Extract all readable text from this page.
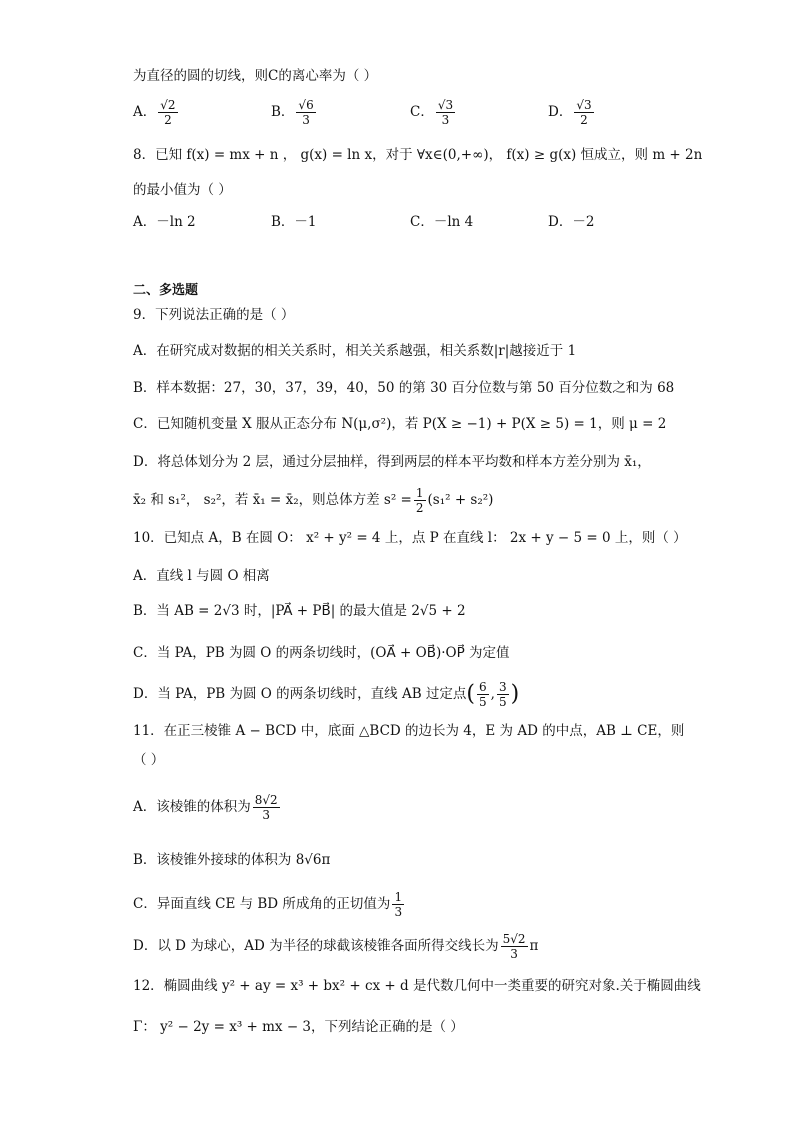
为直径的圆的切线，则C的离心率为（ ）
A． $\frac{√2}{2}$	B． $\frac{√6}{3}$	C． $\frac{√3}{3}$	D． $\frac{√3}{2}$
8．已知 f(x) = mx + n ， g(x) = ln x，对于 ∀x∈(0,+∞)， f(x) ≥ g(x) 恒成立，则 m + 2n
的最小值为（ ）
A．－ln 2	B．－1	C．－ln 4	D．－2
二、多选题
9．下列说法正确的是（ ）
A．在研究成对数据的相关关系时，相关关系越强，相关系数|r|越接近于 1
B．样本数据：27，30，37，39，40，50 的第 30 百分位数与第 50 百分位数之和为 68
C．已知随机变量 X 服从正态分布 N(μ,σ²)，若 P(X ≥ −1) + P(X ≥ 5) = 1，则 μ = 2
D．将总体划分为 2 层，通过分层抽样，得到两层的样本平均数和样本方差分别为 x̄₁，
x̄₂ 和 s₁²， s₂²，若 x̄₁ = x̄₂，则总体方差 $s^2 = \frac{1}{2} (s_1^2 + s_2^2)$
10．已知点 A，B 在圆 O： x² + y² = 4 上，点 P 在直线 l： 2x + y − 5 = 0 上，则（ ）
A．直线 l 与圆 O 相离
B．当 AB = 2√3 时，|PA⃗ + PB⃗| 的最大值是 2√5 + 2
C．当 PA，PB 为圆 O 的两条切线时，(OA⃗ + OB⃗)·OP⃗ 为定值
D．当 PA，PB 为圆 O 的两条切线时，直线 AB 过定点( $\frac{6}{5}$ , $\frac{3}{5}$ )
11．在正三棱锥 A − BCD 中，底面 △BCD 的边长为 4，E 为 AD 的中点，AB ⊥ CE，则
（ ）
A．该棱锥的体积为 $\frac{8√2}{3}$
B．该棱锥外接球的体积为 8√6π
C．异面直线 CE 与 BD 所成角的正切值为 $\frac{1}{3}$
D．以 D 为球心，AD 为半径的球截该棱锥各面所得交线长为 $\frac{5√2}{3}$ π
12．椭圆曲线 y² + ay = x³ + bx² + cx + d 是代数几何中一类重要的研究对象.关于椭圆曲线
Γ： y² − 2y = x³ + mx − 3，下列结论正确的是（ ）
